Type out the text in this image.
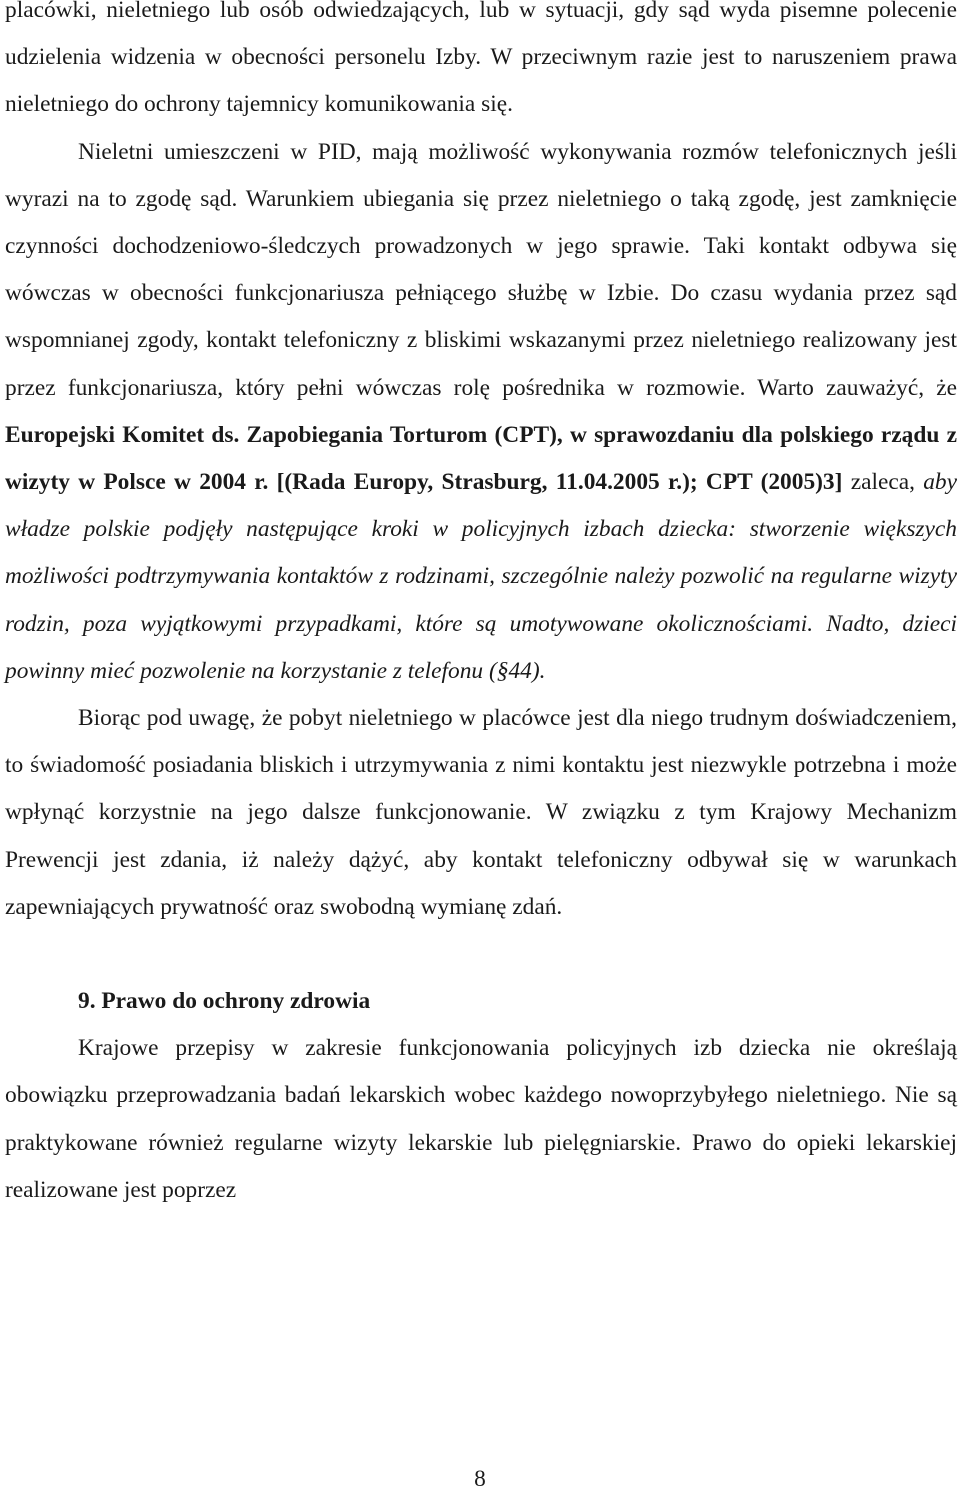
placówki, nieletniego lub osób odwiedzających, lub w sytuacji, gdy sąd wyda pisemne polecenie udzielenia widzenia w obecności personelu Izby. W przeciwnym razie jest to naruszeniem prawa nieletniego do ochrony tajemnicy komunikowania się.

Nieletni umieszczeni w PID, mają możliwość wykonywania rozmów telefonicznych jeśli wyrazi na to zgodę sąd. Warunkiem ubiegania się przez nieletniego o taką zgodę, jest zamknięcie czynności dochodzeniowo-śledczych prowadzonych w jego sprawie. Taki kontakt odbywa się wówczas w obecności funkcjonariusza pełniącego służbę w Izbie. Do czasu wydania przez sąd wspomnianej zgody, kontakt telefoniczny z bliskimi wskazanymi przez nieletniego realizowany jest przez funkcjonariusza, który pełni wówczas rolę pośrednika w rozmowie. Warto zauważyć, że Europejski Komitet ds. Zapobiegania Torturom (CPT), w sprawozdaniu dla polskiego rządu z wizyty w Polsce w 2004 r. [(Rada Europy, Strasburg, 11.04.2005 r.); CPT (2005)3] zaleca, aby władze polskie podjęły następujące kroki w policyjnych izbach dziecka: stworzenie większych możliwości podtrzymywania kontaktów z rodzinami, szczególnie należy pozwolić na regularne wizyty rodzin, poza wyjątkowymi przypadkami, które są umotywowane okolicznościami. Nadto, dzieci powinny mieć pozwolenie na korzystanie z telefonu (§44).

Biorąc pod uwagę, że pobyt nieletniego w placówce jest dla niego trudnym doświadczeniem, to świadomość posiadania bliskich i utrzymywania z nimi kontaktu jest niezwykle potrzebna i może wpłynąć korzystnie na jego dalsze funkcjonowanie. W związku z tym Krajowy Mechanizm Prewencji jest zdania, iż należy dążyć, aby kontakt telefoniczny odbywał się w warunkach zapewniających prywatność oraz swobodną wymianę zdań.

9. Prawo do ochrony zdrowia

Krajowe przepisy w zakresie funkcjonowania policyjnych izb dziecka nie określają obowiązku przeprowadzania badań lekarskich wobec każdego nowoprzybyłego nieletniego. Nie są praktykowane również regularne wizyty lekarskie lub pielęgniarskie. Prawo do opieki lekarskiej realizowane jest poprzez

8
